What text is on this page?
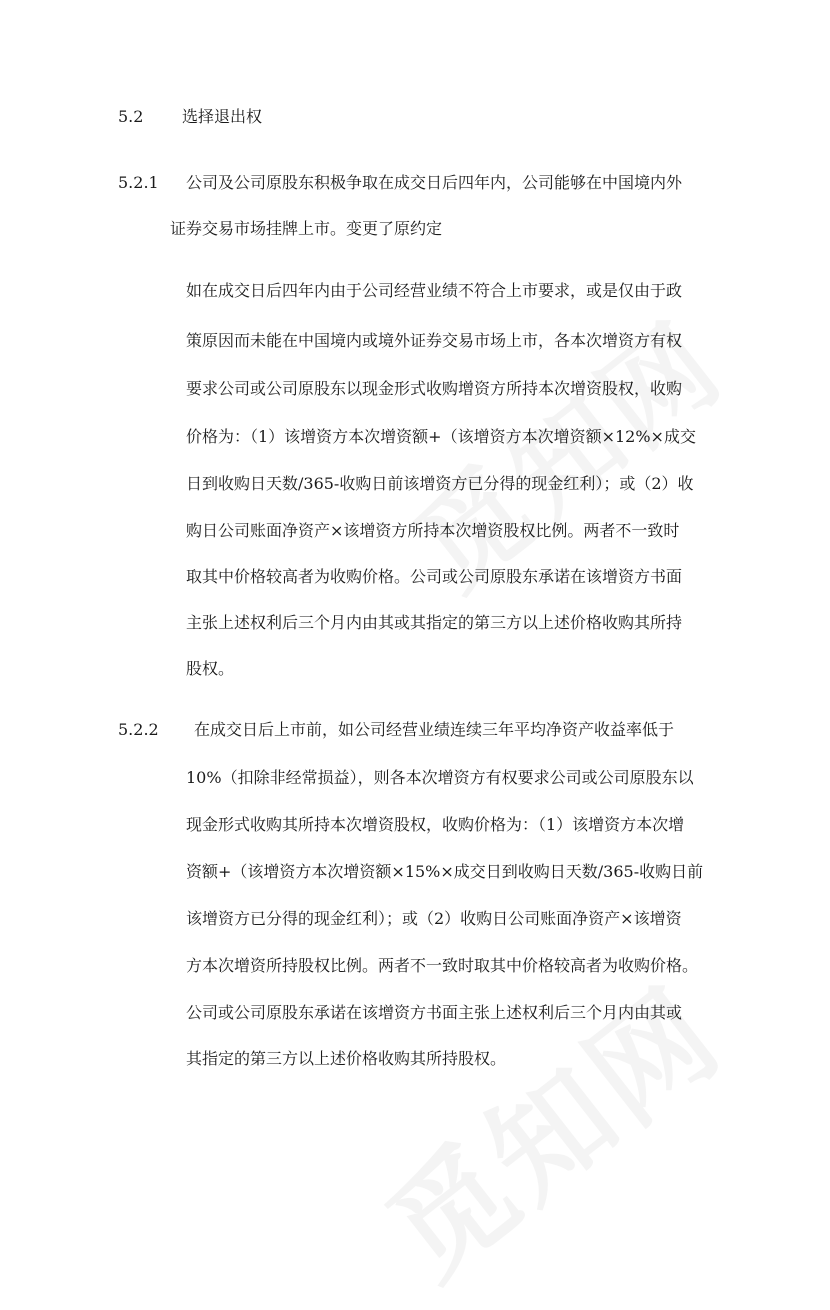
5.2 选择退出权
5.2.1 公司及公司原股东积极争取在成交日后四年内，公司能够在中国境内外
证券交易市场挂牌上市。变更了原约定
如在成交日后四年内由于公司经营业绩不符合上市要求，或是仅由于政
策原因而未能在中国境内或境外证券交易市场上市，各本次增资方有权
要求公司或公司原股东以现金形式收购增资方所持本次增资股权，收购
价格为：（1）该增资方本次增资额+（该增资方本次增资额×12%×成交
日到收购日天数/365-收购日前该增资方已分得的现金红利）；或（2）收
购日公司账面净资产×该增资方所持本次增资股权比例。两者不一致时
取其中价格较高者为收购价格。公司或公司原股东承诺在该增资方书面
主张上述权利后三个月内由其或其指定的第三方以上述价格收购其所持
股权。
5.2.2 在成交日后上市前，如公司经营业绩连续三年平均净资产收益率低于
10%（扣除非经常损益），则各本次增资方有权要求公司或公司原股东以
现金形式收购其所持本次增资股权，收购价格为：（1）该增资方本次增
资额+（该增资方本次增资额×15%×成交日到收购日天数/365-收购日前
该增资方已分得的现金红利）；或（2）收购日公司账面净资产×该增资
方本次增资所持股权比例。两者不一致时取其中价格较高者为收购价格。
公司或公司原股东承诺在该增资方书面主张上述权利后三个月内由其或
其指定的第三方以上述价格收购其所持股权。
